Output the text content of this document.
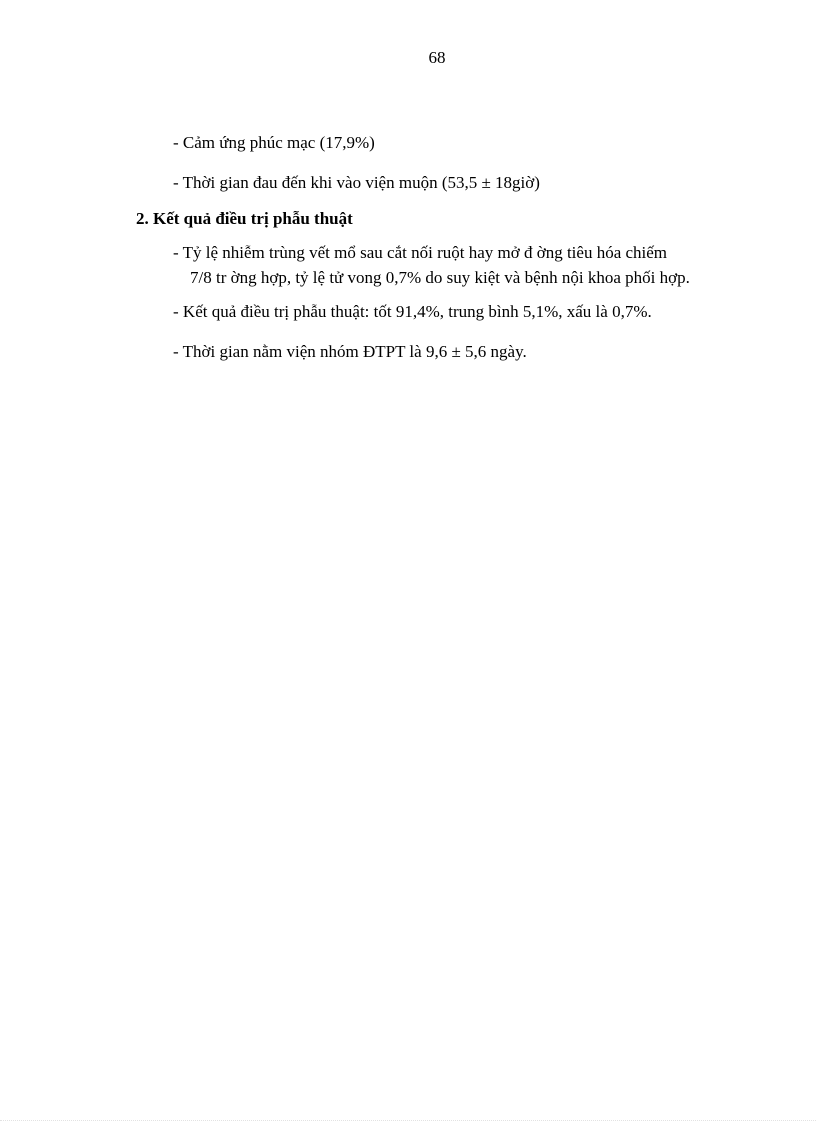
68
- Cảm ứng phúc mạc (17,9%)
- Thời gian đau đến khi vào viện muộn (53,5 ± 18giờ)
2. Kết quả điều trị phẫu thuật
- Tỷ lệ nhiễm trùng vết mổ sau cắt nối ruột hay mở đ ờng tiêu hóa chiếm
7/8 tr ờng hợp, tỷ lệ tử vong 0,7% do suy kiệt và bệnh nội khoa phối hợp.
- Kết quả điều trị phẫu thuật: tốt 91,4%, trung bình 5,1%, xấu là 0,7%.
- Thời gian nằm viện nhóm ĐTPT là 9,6 ± 5,6 ngày.
